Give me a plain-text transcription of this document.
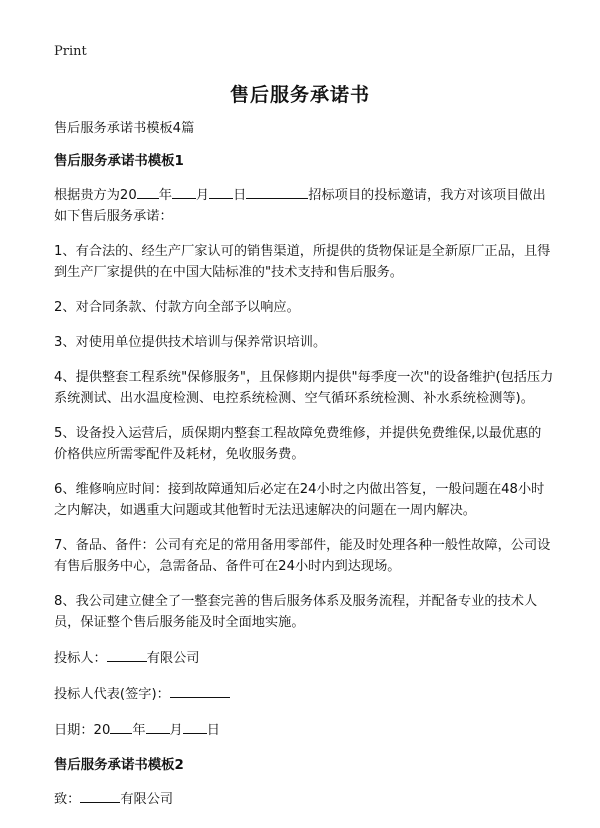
Print
售后服务承诺书

售后服务承诺书模板4篇

售后服务承诺书模板1

根据贵方为20 年 月 日	招标项目的投标邀请，我方对该项目做出如下售后服务承诺：

1、有合法的、经生产厂家认可的销售渠道，所提供的货物保证是全新原厂正品，且得到生产厂家提供的在中国大陆标准的"技术支持和售后服务。

2、对合同条款、付款方向全部予以响应。

3、对使用单位提供技术培训与保养常识培训。

4、提供整套工程系统"保修服务"，且保修期内提供"每季度一次"的设备维护(包括压力系统测试、出水温度检测、电控系统检测、空气循环系统检测、补水系统检测等)。

5、设备投入运营后，质保期内整套工程故障免费维修，并提供免费维保,以最优惠的价格供应所需零配件及耗材，免收服务费。

6、维修响应时间：接到故障通知后必定在24小时之内做出答复，一般问题在48小时之内解决，如遇重大问题或其他暂时无法迅速解决的问题在一周内解决。

7、备品、备件：公司有充足的常用备用零部件，能及时处理各种一般性故障，公司设有售后服务中心，急需备品、备件可在24小时内到达现场。

8、我公司建立健全了一整套完善的售后服务体系及服务流程，并配备专业的技术人员，保证整个售后服务能及时全面地实施。

投标人：	有限公司

投标人代表(签字)：

日期：20 年 月 日

售后服务承诺书模板2

致：	有限公司
